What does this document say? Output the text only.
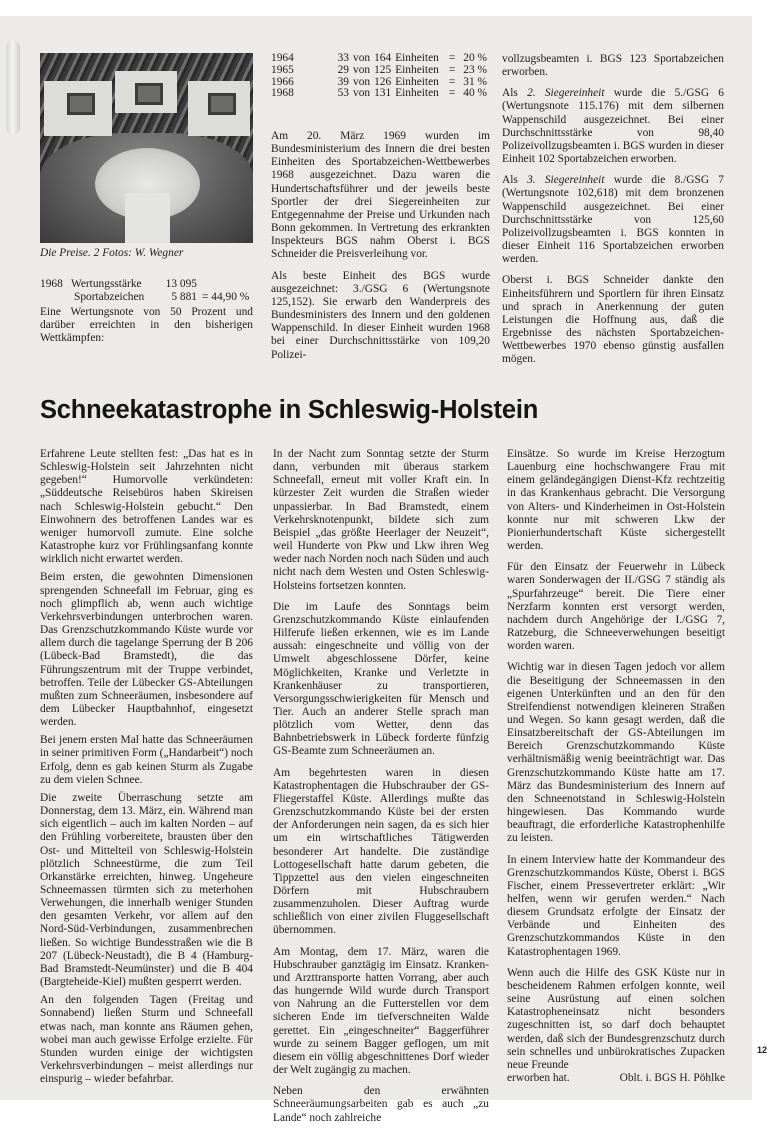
Die Preise. 2 Fotos: W. Wegner
1968	Wertungsstärke	13 095	
	Sportabzeichen	5 881	= 44,90 %

Eine Wertungsnote von 50 Prozent und darüber erreichten in den bisherigen Wettkämpfen:

1964	33	von	164	Einheiten	=	20 %
1965	29	von	125	Einheiten	=	23 %
1966	39	von	126	Einheiten	=	31 %
1968	53	von	131	Einheiten	=	40 %

Am 20. März 1969 wurden im Bundesministerium des Innern die drei besten Einheiten des Sportabzeichen-Wettbewerbes 1968 ausgezeichnet. Dazu waren die Hundertschaftsführer und der jeweils beste Sportler der drei Siegereinheiten zur Entgegennahme der Preise und Urkunden nach Bonn gekommen. In Vertretung des erkrankten Inspekteurs BGS nahm Oberst i. BGS Schneider die Preisverleihung vor.

Als beste Einheit des BGS wurde ausgezeichnet: 3./GSG 6 (Wertungsnote 125,152). Sie erwarb den Wanderpreis des Bundesministers des Innern und den goldenen Wappenschild. In dieser Einheit wurden 1968 bei einer Durchschnittsstärke von 109,20 Polizei-

vollzugsbeamten i. BGS 123 Sportabzeichen erworben.

Als 2. Siegereinheit wurde die 5./GSG 6 (Wertungsnote 115.176) mit dem silbernen Wappenschild ausgezeichnet. Bei einer Durchschnittsstärke von 98,40 Polizeivollzugsbeamten i. BGS wurden in dieser Einheit 102 Sportabzeichen erworben.

Als 3. Siegereinheit wurde die 8./GSG 7 (Wertungsnote 102,618) mit dem bronzenen Wappenschild ausgezeichnet. Bei einer Durchschnittsstärke von 125,60 Polizeivollzugsbeamten i. BGS konnten in dieser Einheit 116 Sportabzeichen erworben werden.

Oberst i. BGS Schneider dankte den Einheitsführern und Sportlern für ihren Einsatz und sprach in Anerkennung der guten Leistungen die Hoffnung aus, daß die Ergebnisse des nächsten Sportabzeichen-Wettbewerbes 1970 ebenso günstig ausfallen mögen.

Schneekatastrophe in Schleswig-Holstein

Erfahrene Leute stellten fest: „Das hat es in Schleswig-Holstein seit Jahrzehnten nicht gegeben!“ Humorvolle verkündeten: „Süddeutsche Reisebüros haben Skireisen nach Schleswig-Holstein gebucht.“ Den Einwohnern des betroffenen Landes war es weniger humorvoll zumute. Eine solche Katastrophe kurz vor Frühlingsanfang konnte wirklich nicht erwartet werden.

Beim ersten, die gewohnten Dimensionen sprengenden Schneefall im Februar, ging es noch glimpflich ab, wenn auch wichtige Verkehrsverbindungen unterbrochen waren. Das Grenzschutzkommando Küste wurde vor allem durch die tagelange Sperrung der B 206 (Lübeck-Bad Bramstedt), die das Führungszentrum mit der Truppe verbindet, betroffen. Teile der Lübecker GS-Abteilungen mußten zum Schneeräumen, insbesondere auf dem Lübecker Hauptbahnhof, eingesetzt werden.

Bei jenem ersten Mal hatte das Schneeräumen in seiner primitiven Form („Handarbeit“) noch Erfolg, denn es gab keinen Sturm als Zugabe zu dem vielen Schnee.

Die zweite Überraschung setzte am Donnerstag, dem 13. März, ein. Während man sich eigentlich – auch im kalten Norden – auf den Frühling vorbereitete, brausten über den Ost- und Mittelteil von Schleswig-Holstein plötzlich Schneestürme, die zum Teil Orkanstärke erreichten, hinweg. Ungeheure Schneemassen türmten sich zu meterhohen Verwehungen, die innerhalb weniger Stunden den gesamten Verkehr, vor allem auf den Nord-Süd-Verbindungen, zusammenbrechen ließen. So wichtige Bundesstraßen wie die B 207 (Lübeck-Neustadt), die B 4 (Hamburg-Bad Bramstedt-Neumünster) und die B 404 (Bargteheide-Kiel) mußten gesperrt werden.

An den folgenden Tagen (Freitag und Sonnabend) ließen Sturm und Schneefall etwas nach, man konnte ans Räumen gehen, wobei man auch gewisse Erfolge erzielte. Für Stunden wurden einige der wichtigsten Verkehrsverbindungen – meist allerdings nur einspurig – wieder befahrbar.

In der Nacht zum Sonntag setzte der Sturm dann, verbunden mit überaus starkem Schneefall, erneut mit voller Kraft ein. In kürzester Zeit wurden die Straßen wieder unpassierbar. In Bad Bramstedt, einem Verkehrsknotenpunkt, bildete sich zum Beispiel „das größte Heerlager der Neuzeit“, weil Hunderte von Pkw und Lkw ihren Weg weder nach Norden noch nach Süden und auch nicht nach dem Westen und Osten Schleswig-Holsteins fortsetzen konnten.

Die im Laufe des Sonntags beim Grenzschutzkommando Küste einlaufenden Hilferufe ließen erkennen, wie es im Lande aussah: eingeschneite und völlig von der Umwelt abgeschlossene Dörfer, keine Möglichkeiten, Kranke und Verletzte in Krankenhäuser zu transportieren, Versorgungsschwierigkeiten für Mensch und Tier. Auch an anderer Stelle sprach man plötzlich vom Wetter, denn das Bahnbetriebswerk in Lübeck forderte fünfzig GS-Beamte zum Schneeräumen an.

Am begehrtesten waren in diesen Katastrophentagen die Hubschrauber der GS-Fliegerstaffel Küste. Allerdings mußte das Grenzschutzkommando Küste bei der ersten der Anforderungen nein sagen, da es sich hier um ein wirtschaftliches Tätigwerden besonderer Art handelte. Die zuständige Lottogesellschaft hatte darum gebeten, die Tippzettel aus den vielen eingeschneiten Dörfern mit Hubschraubern zusammenzuholen. Dieser Auftrag wurde schließlich von einer zivilen Fluggesellschaft übernommen.

Am Montag, dem 17. März, waren die Hubschrauber ganztägig im Einsatz. Kranken- und Arzttransporte hatten Vorrang, aber auch das hungernde Wild wurde durch Transport von Nahrung an die Futterstellen vor dem sicheren Ende im tiefverschneiten Walde gerettet. Ein „eingeschneiter“ Baggerführer wurde zu seinem Bagger geflogen, um mit diesem ein völlig abgeschnittenes Dorf wieder der Welt zugängig zu machen.

Neben den erwähnten Schneeräumungsarbeiten gab es auch „zu Lande“ noch zahlreiche

Einsätze. So wurde im Kreise Herzogtum Lauenburg eine hochschwangere Frau mit einem geländegängigen Dienst-Kfz rechtzeitig in das Krankenhaus gebracht. Die Versorgung von Alters- und Kinderheimen in Ost-Holstein konnte nur mit schweren Lkw der Pionierhundertschaft Küste sichergestellt werden.

Für den Einsatz der Feuerwehr in Lübeck waren Sonderwagen der II./GSG 7 ständig als „Spurfahrzeuge“ bereit. Die Tiere einer Nerzfarm konnten erst versorgt werden, nachdem durch Angehörige der I./GSG 7, Ratzeburg, die Schneeverwehungen beseitigt worden waren.

Wichtig war in diesen Tagen jedoch vor allem die Beseitigung der Schneemassen in den eigenen Unterkünften und an den für den Streifendienst notwendigen kleineren Straßen und Wegen. So kann gesagt werden, daß die Einsatzbereitschaft der GS-Abteilungen im Bereich Grenzschutzkommando Küste verhältnismäßig wenig beeinträchtigt war. Das Grenzschutzkommando Küste hatte am 17. März das Bundesministerium des Innern auf den Schneenotstand in Schleswig-Holstein hingewiesen. Das Kommando wurde beauftragt, die erforderliche Katastrophenhilfe zu leisten.

In einem Interview hatte der Kommandeur des Grenzschutzkommandos Küste, Oberst i. BGS Fischer, einem Pressevertreter erklärt: „Wir helfen, wenn wir gerufen werden.“ Nach diesem Grundsatz erfolgte der Einsatz der Verbände und Einheiten des Grenzschutzkommandos Küste in den Katastrophentagen 1969.

Wenn auch die Hilfe des GSK Küste nur in bescheidenem Rahmen erfolgen konnte, weil seine Ausrüstung auf einen solchen Katastropheneinsatz nicht besonders zugeschnitten ist, so darf doch behauptet werden, daß sich der Bundesgrenzschutz durch sein schnelles und unbürokratisches Zupacken neue Freunde

erworben hat.	Oblt. i. BGS H. Pöhlke
12
